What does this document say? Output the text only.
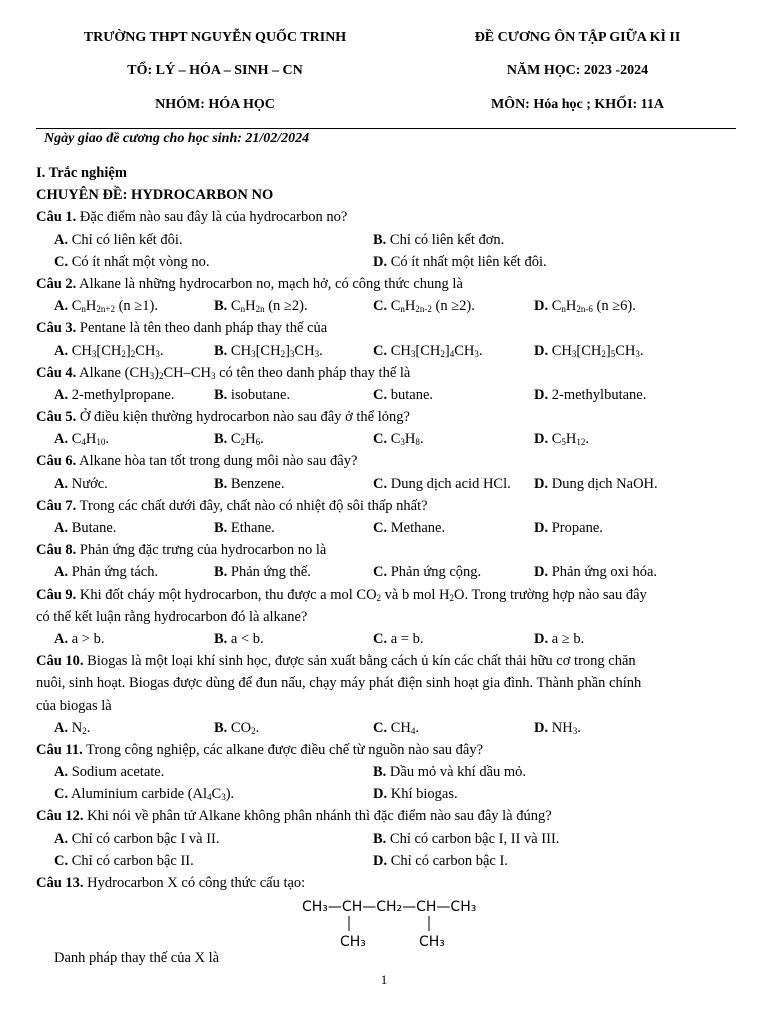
TRƯỜNG THPT NGUYỄN QUỐC TRINH	ĐỀ CƯƠNG ÔN TẬP GIỮA KÌ II
TỔ: LÝ – HÓA – SINH – CN	NĂM HỌC: 2023 -2024
NHÓM: HÓA HỌC	MÔN: Hóa học ; KHỐI: 11A
Ngày giao đề cương cho học sinh: 21/02/2024
I. Trắc nghiệm
CHUYÊN ĐỀ: HYDROCARBON NO
Câu 1. Đặc điểm nào sau đây là của hydrocarbon no?
A. Chỉ có liên kết đôi.	B. Chỉ có liên kết đơn.
C. Có ít nhất một vòng no.	D. Có ít nhất một liên kết đôi.
Câu 2. Alkane là những hydrocarbon no, mạch hở, có công thức chung là
A. $C_nH_{2n+2}$ (n ≥1).	B. $C_nH_{2n}$ (n ≥2).	C. $C_nH_{2n-2}$ (n ≥2).	D. $C_nH_{2n-6}$ (n ≥6).
Câu 3. Pentane là tên theo danh pháp thay thế của
A. $CH_3[CH_2]_2CH_3$.	B. $CH_3[CH_2]_3CH_3$.	C. $CH_3[CH_2]_4CH_3$.	D. $CH_3[CH_2]_5CH_3$.
Câu 4. Alkane $(CH_3)_2CH-CH_3$ có tên theo danh pháp thay thế là
A. 2-methylpropane.	B. isobutane.	C. butane.	D. 2-methylbutane.
Câu 5. Ở điều kiện thường hydrocarbon nào sau đây ở thể lỏng?
A. $C_4H_{10}$.	B. $C_2H_6$.	C. $C_3H_8$.	D. $C_5H_{12}$.
Câu 6. Alkane hòa tan tốt trong dung môi nào sau đây?
A. Nước.	B. Benzene.	C. Dung dịch acid HCl. D. Dung dịch NaOH.
Câu 7. Trong các chất dưới đây, chất nào có nhiệt độ sôi thấp nhất?
A. Butane.	B. Ethane.	C. Methane.	D. Propane.
Câu 8. Phản ứng đặc trưng của hydrocarbon no là
A. Phản ứng tách.	B. Phản ứng thế.	C. Phản ứng cộng.	D. Phản ứng oxi hóa.
Câu 9. Khi đốt cháy một hydrocarbon, thu được a mol $CO_2$ và b mol $H_2O$. Trong trường hợp nào sau đây
có thể kết luận rằng hydrocarbon đó là alkane?
A. a > b.	B. a < b.	C. a = b.	D. a ≥ b.
Câu 10. Biogas là một loại khí sinh học, được sản xuất bằng cách ủ kín các chất thải hữu cơ trong chăn
nuôi, sinh hoạt. Biogas được dùng để đun nấu, chạy máy phát điện sinh hoạt gia đình. Thành phần chính
của biogas là
A. $N_2$.	B. $CO_2$.	C. $CH_4$.	D. $NH_3$.
Câu 11. Trong công nghiệp, các alkane được điều chế từ nguồn nào sau đây?
A. Sodium acetate.	B. Dầu mỏ và khí dầu mỏ.
C. Aluminium carbide $(Al_4C_3)$.	D. Khí biogas.
Câu 12. Khi nói về phân tử Alkane không phân nhánh thì đặc điểm nào sau đây là đúng?
A. Chỉ có carbon bậc I và II.	B. Chỉ có carbon bậc I, II và III.
C. Chỉ có carbon bậc II.	D. Chỉ có carbon bậc I.
Câu 13. Hydrocarbon X có công thức cấu tạo:
CH₃—CH—CH₂—CH—CH₃
CH₃	CH₃
Danh pháp thay thế của X là
1
